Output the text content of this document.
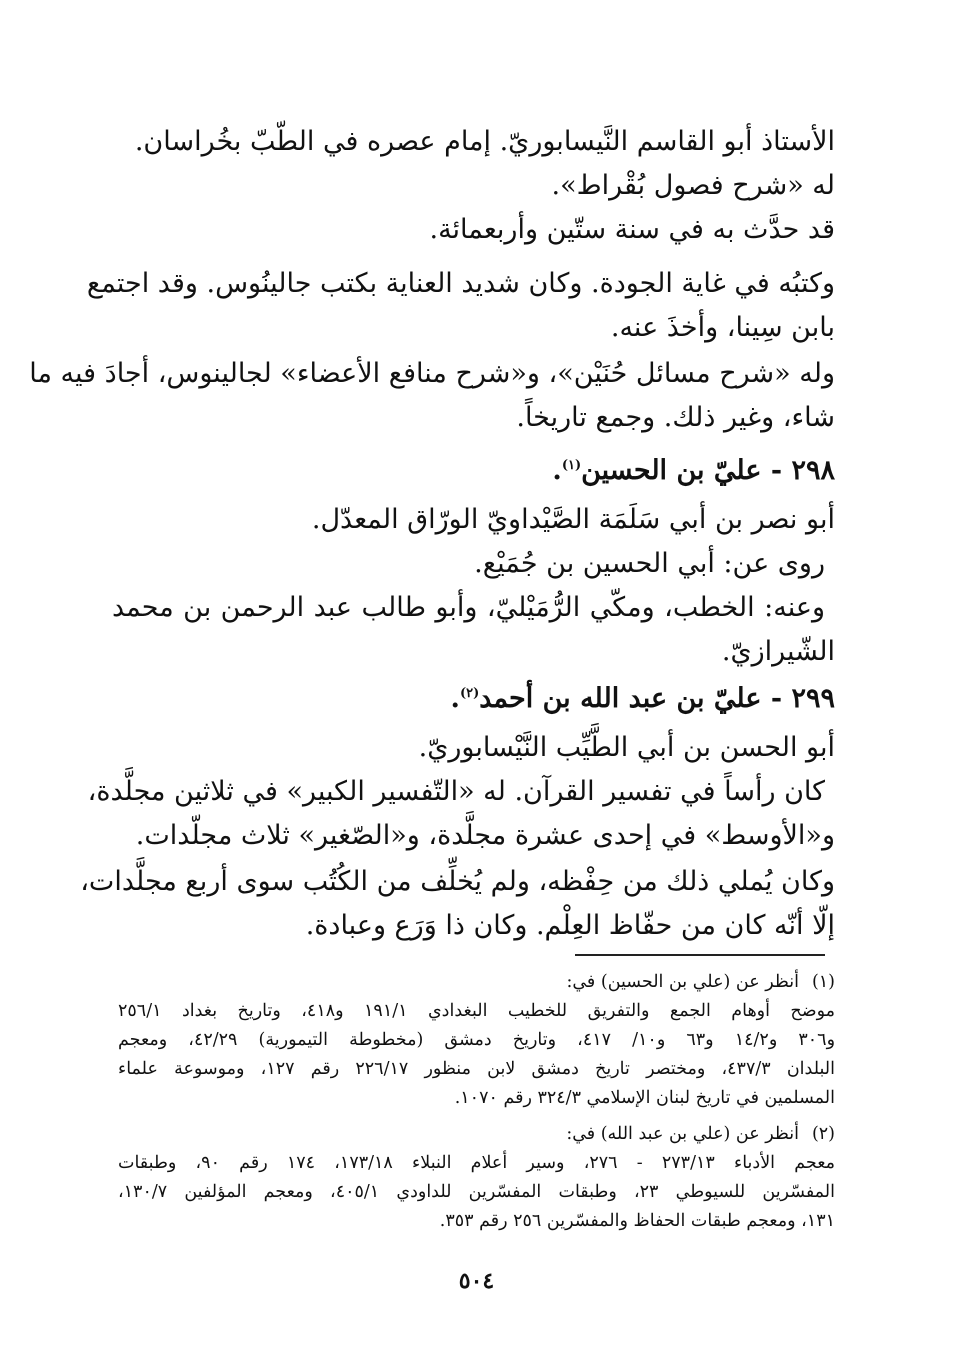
الأستاذ أبو القاسم النَّيسابوريّ. إمام عصره في الطّبّ بخُراسان.
له «شرح فصول بُقْراط».
قد حدَّث به في سنة ستّين وأربعمائة.
وكتبُه في غاية الجودة. وكان شديد العناية بكتب جالينُوس. وقد اجتمع
بابن سِينا، وأخذَ عنه.
وله «شرح مسائل حُنَيْن»، و«شرح منافع الأعضاء» لجالينوس، أجادَ فيه ما
شاء، وغير ذلك. وجمع تاريخاً.
٢٩٨ - عليّ بن الحسين$^{(١)}$.
أبو نصر بن أبي سَلَمَة الصَّيْداويّ الورّاق المعدّل.
روى عن: أبي الحسين بن جُمَيْع.
وعنه: الخطب، ومكّي الرُّمَيْليّ، وأبو طالب عبد الرحمن بن محمد
الشّيرازيّ.
٢٩٩ - عليّ بن عبد الله بن أحمد$^{(٢)}$.
أبو الحسن بن أبي الطَّيِّب النَّيْسابوريّ.
كان رأساً في تفسير القرآن. له «التّفسير الكبير» في ثلاثين مجلَّدة،
و«الأوسط» في إحدى عشرة مجلَّدة، و«الصّغير» ثلاث مجلّدات.
وكان يُملي ذلك من حِفْظه، ولم يُخلِّف من الكُتُب سوى أربع مجلَّدات،
إلّا أنّه كان من حفّاظ العِلْم. وكان ذا وَرَع وعبادة.
(١)أنظر عن (علي بن الحسين) في:
موضح أوهام الجمع والتفريق للخطيب البغدادي ١٩١/١ و٤١٨، وتاريخ بغداد ٢٥٦/١
و٣٠٦ و١٤/٢ و٦٣ و١٠/ ٤١٧، وتاريخ دمشق (مخطوطة التيمورية) ٤٢/٢٩، ومعجم
البلدان ٤٣٧/٣، ومختصر تاريخ دمشق لابن منظور ٢٢٦/١٧ رقم ١٢٧، وموسوعة علماء
المسلمين في تاريخ لبنان الإسلامي ٣٢٤/٣ رقم ١٠٧٠.
(٢)أنظر عن (علي بن عبد الله) في:
معجم الأدباء ٢٧٣/١٣ - ٢٧٦، وسير أعلام النبلاء ١٧٣/١٨، ١٧٤ رقم ٩٠، وطبقات
المفسّرين للسيوطي ٢٣، وطبقات المفسّرين للداودي ٤٠٥/١، ومعجم المؤلفين ١٣٠/٧،
١٣١، ومعجم طبقات الحفاظ والمفسّرين ٢٥٦ رقم ٣٥٣.
٥٠٤
